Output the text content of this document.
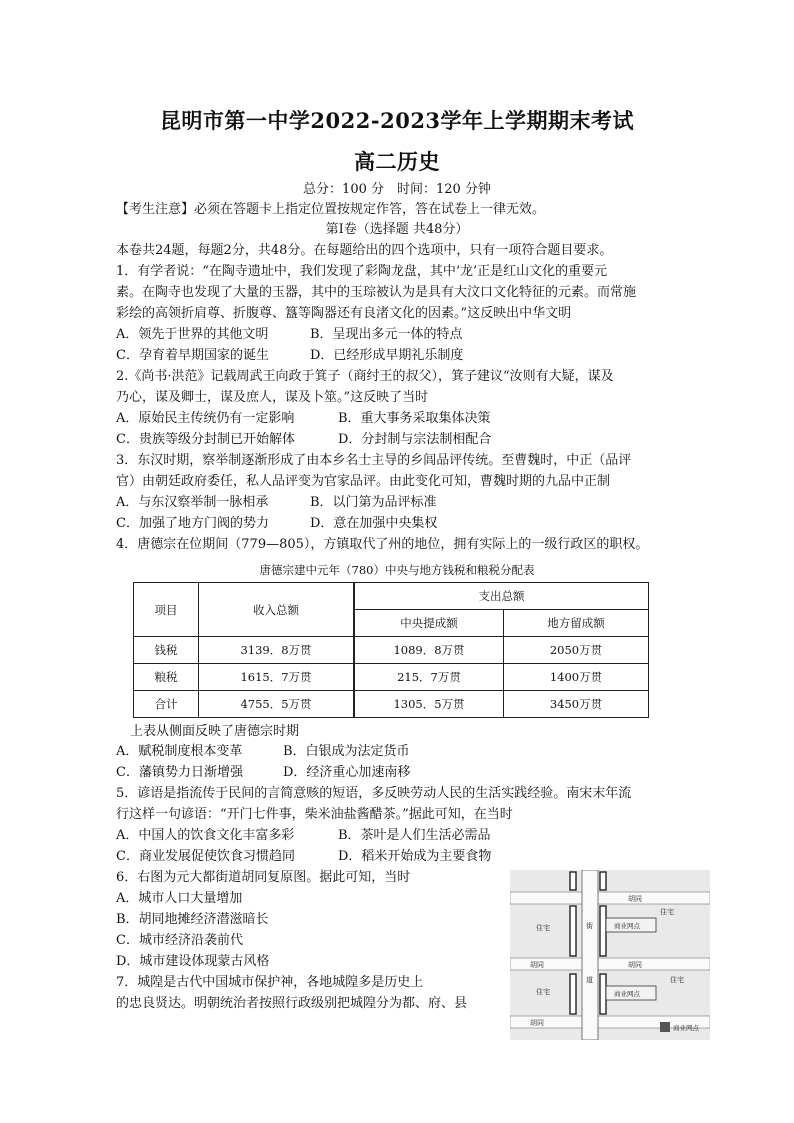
昆明市第一中学2022-2023学年上学期期末考试
高二历史
总分：100 分　时间：120 分钟
【考生注意】必须在答题卡上指定位置按规定作答，答在试卷上一律无效。
第Ⅰ卷（选择题 共48分）
本卷共24题，每题2分，共48分。在每题给出的四个选项中，只有一项符合题目要求。
1．有学者说：“在陶寺遗址中，我们发现了彩陶龙盘，其中‘龙’正是红山文化的重要元
素。在陶寺也发现了大量的玉器，其中的玉琮被认为是具有大汶口文化特征的元素。而常施
彩绘的高领折肩尊、折腹尊、簋等陶器还有良渚文化的因素。”这反映出中华文明
A．领先于世界的其他文明	B．呈现出多元一体的特点
C．孕育着早期国家的诞生	D．已经形成早期礼乐制度
2.《尚书·洪范》记载周武王向政于箕子（商纣王的叔父），箕子建议“汝则有大疑，谋及
乃心，谋及卿士，谋及庶人，谋及卜筮。”这反映了当时
A．原始民主传统仍有一定影响	B．重大事务采取集体决策
C．贵族等级分封制已开始解体	D．分封制与宗法制相配合
3．东汉时期，察举制逐渐形成了由本乡名士主导的乡闾品评传统。至曹魏时，中正（品评
官）由朝廷政府委任，私人品评变为官家品评。由此变化可知，曹魏时期的九品中正制
A．与东汉察举制一脉相承	B．以门第为品评标准
C．加强了地方门阀的势力	D．意在加强中央集权
4．唐德宗在位期间（779—805），方镇取代了州的地位，拥有实际上的一级行政区的职权。
唐德宗建中元年（780）中央与地方钱税和粮税分配表
项目	收入总额	支出总额	
		中央提成额	地方留成额
钱税	3139．8万贯	1089．8万贯	2050万贯
粮税	1615．7万贯	215．7万贯	1400万贯
合计	4755．5万贯	1305．5万贯	3450万贯
上表从侧面反映了唐德宗时期
A．赋税制度根本变革	B．白银成为法定货币
C．藩镇势力日渐增强	D．经济重心加速南移
5．谚语是指流传于民间的言简意赅的短语，多反映劳动人民的生活实践经验。南宋末年流
行这样一句谚语：“开门七件事，柴米油盐酱醋茶。”据此可知，在当时
A．中国人的饮食文化丰富多彩	B．茶叶是人们生活必需品
C．商业发展促使饮食习惯趋同	D．稻米开始成为主要食物
6．右图为元大都街道胡同复原图。据此可知，当时
A．城市人口大量增加
B．胡同地摊经济潜滋暗长
C．城市经济沿袭前代
D．城市建设体现蒙古风格
7．城隍是古代中国城市保护神，各地城隍多是历史上
的忠良贤达。明朝统治者按照行政级别把城隍分为都、府、县
胡同
胡同
胡同
胡同
住宅
住宅
住宅
住宅
街
道
商业网点
商业网点
商业网点
